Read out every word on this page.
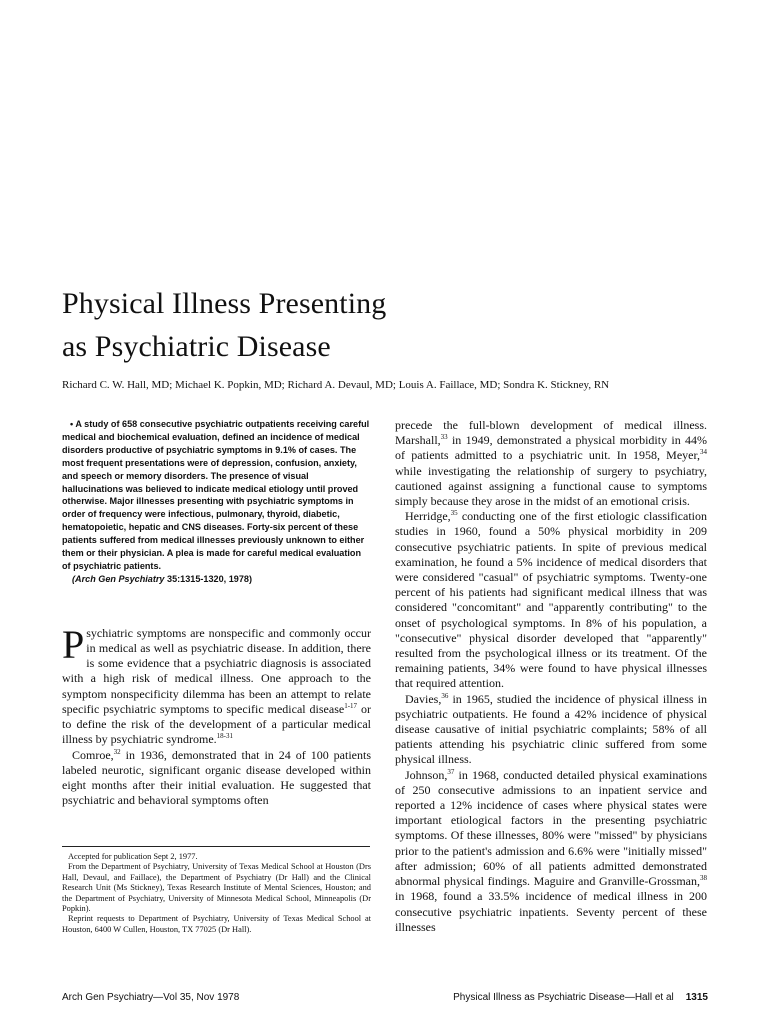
Physical Illness Presenting
as Psychiatric Disease
Richard C. W. Hall, MD; Michael K. Popkin, MD; Richard A. Devaul, MD; Louis A. Faillace, MD; Sondra K. Stickney, RN
• A study of 658 consecutive psychiatric outpatients receiving careful medical and biochemical evaluation, defined an incidence of medical disorders productive of psychiatric symptoms in 9.1% of cases. The most frequent presentations were of depression, confusion, anxiety, and speech or memory disorders. The presence of visual hallucinations was believed to indicate medical etiology until proved otherwise. Major illnesses presenting with psychiatric symptoms in order of frequency were infectious, pulmonary, thyroid, diabetic, hematopoietic, hepatic and CNS diseases. Forty-six percent of these patients suffered from medical illnesses previously unknown to either them or their physician. A plea is made for careful medical evaluation of psychiatric patients.
(Arch Gen Psychiatry 35:1315-1320, 1978)

Psychiatric symptoms are nonspecific and commonly occur in medical as well as psychiatric disease. In addition, there is some evidence that a psychiatric diagnosis is associated with a high risk of medical illness. One approach to the symptom nonspecificity dilemma has been an attempt to relate specific psychiatric symptoms to specific medical disease$^{1-17}$ or to define the risk of the development of a particular medical illness by psychiatric syndrome.$^{18-31}$

Comroe,$^{32}$ in 1936, demonstrated that in 24 of 100 patients labeled neurotic, significant organic disease developed within eight months after their initial evaluation. He suggested that psychiatric and behavioral symptoms often

Accepted for publication Sept 2, 1977.

From the Department of Psychiatry, University of Texas Medical School at Houston (Drs Hall, Devaul, and Faillace), the Department of Psychiatry (Dr Hall) and the Clinical Research Unit (Ms Stickney), Texas Research Institute of Mental Sciences, Houston; and the Department of Psychiatry, University of Minnesota Medical School, Minneapolis (Dr Popkin).

Reprint requests to Department of Psychiatry, University of Texas Medical School at Houston, 6400 W Cullen, Houston, TX 77025 (Dr Hall).

precede the full-blown development of medical illness. Marshall,$^{33}$ in 1949, demonstrated a physical morbidity in 44% of patients admitted to a psychiatric unit. In 1958, Meyer,$^{34}$ while investigating the relationship of surgery to psychiatry, cautioned against assigning a functional cause to symptoms simply because they arose in the midst of an emotional crisis.

Herridge,$^{35}$ conducting one of the first etiologic classification studies in 1960, found a 50% physical morbidity in 209 consecutive psychiatric patients. In spite of previous medical examination, he found a 5% incidence of medical disorders that were considered "casual" of psychiatric symptoms. Twenty-one percent of his patients had significant medical illness that was considered "concomitant" and "apparently contributing" to the onset of psychological symptoms. In 8% of his population, a "consecutive" physical disorder developed that "apparently" resulted from the psychological illness or its treatment. Of the remaining patients, 34% were found to have physical illnesses that required attention.

Davies,$^{36}$ in 1965, studied the incidence of physical illness in psychiatric outpatients. He found a 42% incidence of physical disease causative of initial psychiatric complaints; 58% of all patients attending his psychiatric clinic suffered from some physical illness.

Johnson,$^{37}$ in 1968, conducted detailed physical examinations of 250 consecutive admissions to an inpatient service and reported a 12% incidence of cases where physical states were important etiological factors in the presenting psychiatric symptoms. Of these illnesses, 80% were "missed" by physicians prior to the patient's admission and 6.6% were "initially missed" after admission; 60% of all patients admitted demonstrated abnormal physical findings. Maguire and Granville-Grossman,$^{38}$ in 1968, found a 33.5% incidence of medical illness in 200 consecutive psychiatric inpatients. Seventy percent of these illnesses

Arch Gen Psychiatry—Vol 35, Nov 1978	Physical Illness as Psychiatric Disease—Hall et al 1315
